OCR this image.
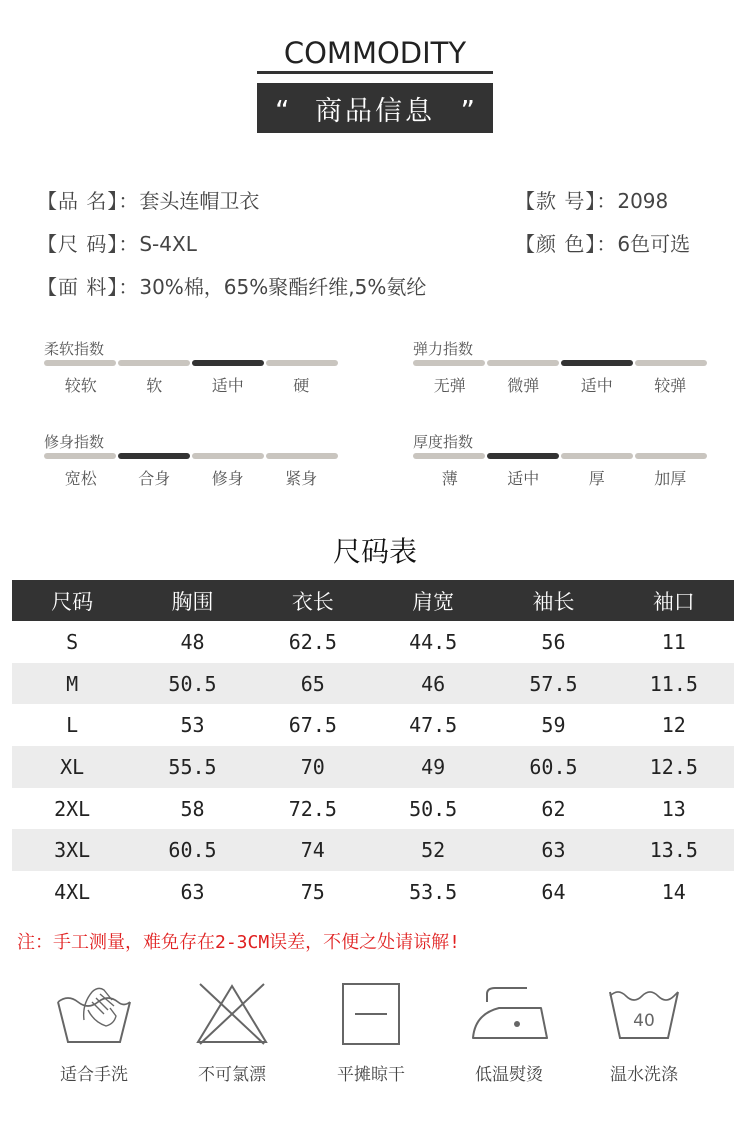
COMMODITY
“ 商品信息 ”
【品 名】：套头连帽卫衣	【款 号】：2098
【尺 码】：S-4XL	【颜 色】：6色可选
【面 料】：30%棉，65%聚酯纤维,5%氨纶
柔软指数
较软	软	适中	硬
弹力指数
无弹	微弹	适中	较弹
修身指数
宽松	合身	修身	紧身
厚度指数
薄	适中	厚	加厚
尺码表
尺码	胸围	衣长	肩宽	袖长	袖口
S	48	62.5	44.5	56	11
M	50.5	65	46	57.5	11.5
L	53	67.5	47.5	59	12
XL	55.5	70	49	60.5	12.5
2XL	58	72.5	50.5	62	13
3XL	60.5	74	52	63	13.5
4XL	63	75	53.5	64	14
注：手工测量，难免存在2-3CM误差，不便之处请谅解!
适合手洗	不可氯漂	平摊晾干	低温熨烫
40
温水洗涤
